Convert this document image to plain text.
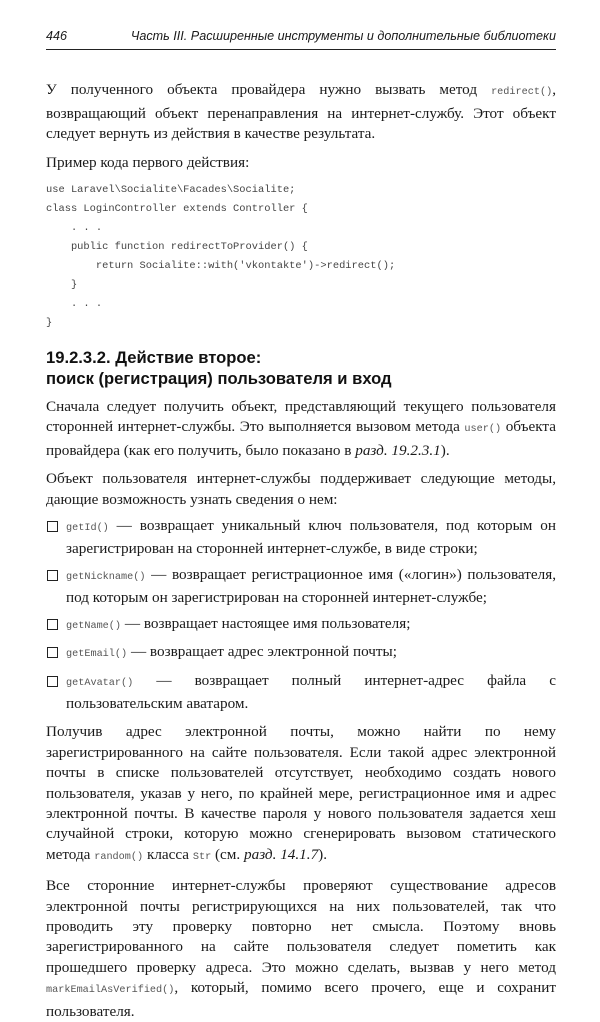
446	Часть III. Расширенные инструменты и дополнительные библиотеки

У полученного объекта провайдера нужно вызвать метод redirect(), возвращающий объект перенаправления на интернет-службу. Этот объект следует вернуть из действия в качестве результата.

Пример кода первого действия:

use Laravel\Socialite\Facades\Socialite;
class LoginController extends Controller {
. . .
public function redirectToProvider() {
return Socialite::with('vkontakte')->redirect();
}
. . .
}
19.2.3.2. Действие второе:
поиск (регистрация) пользователя и вход

Сначала следует получить объект, представляющий текущего пользователя сторонней интернет-службы. Это выполняется вызовом метода user() объекта провайдера (как его получить, было показано в разд. 19.2.3.1).

Объект пользователя интернет-службы поддерживает следующие методы, дающие возможность узнать сведения о нем:

getId() — возвращает уникальный ключ пользователя, под которым он зарегистрирован на сторонней интернет-службе, в виде строки;
getNickname() — возвращает регистрационное имя («логин») пользователя, под которым он зарегистрирован на сторонней интернет-службе;
getName() — возвращает настоящее имя пользователя;
getEmail() — возвращает адрес электронной почты;
getAvatar() — возвращает полный интернет-адрес файла с пользовательским аватаром.

Получив адрес электронной почты, можно найти по нему зарегистрированного на сайте пользователя. Если такой адрес электронной почты в списке пользователей отсутствует, необходимо создать нового пользователя, указав у него, по крайней мере, регистрационное имя и адрес электронной почты. В качестве пароля у нового пользователя задается хеш случайной строки, которую можно сгенерировать вызовом статического метода random() класса Str (см. разд. 14.1.7).

Все сторонние интернет-службы проверяют существование адресов электронной почты регистрирующихся на них пользователей, так что проводить эту проверку повторно нет смысла. Поэтому вновь зарегистрированного на сайте пользователя следует пометить как прошедшего проверку адреса. Это можно сделать, вызвав у него метод markEmailAsVerified(), который, помимо всего прочего, еще и сохранит пользователя.
